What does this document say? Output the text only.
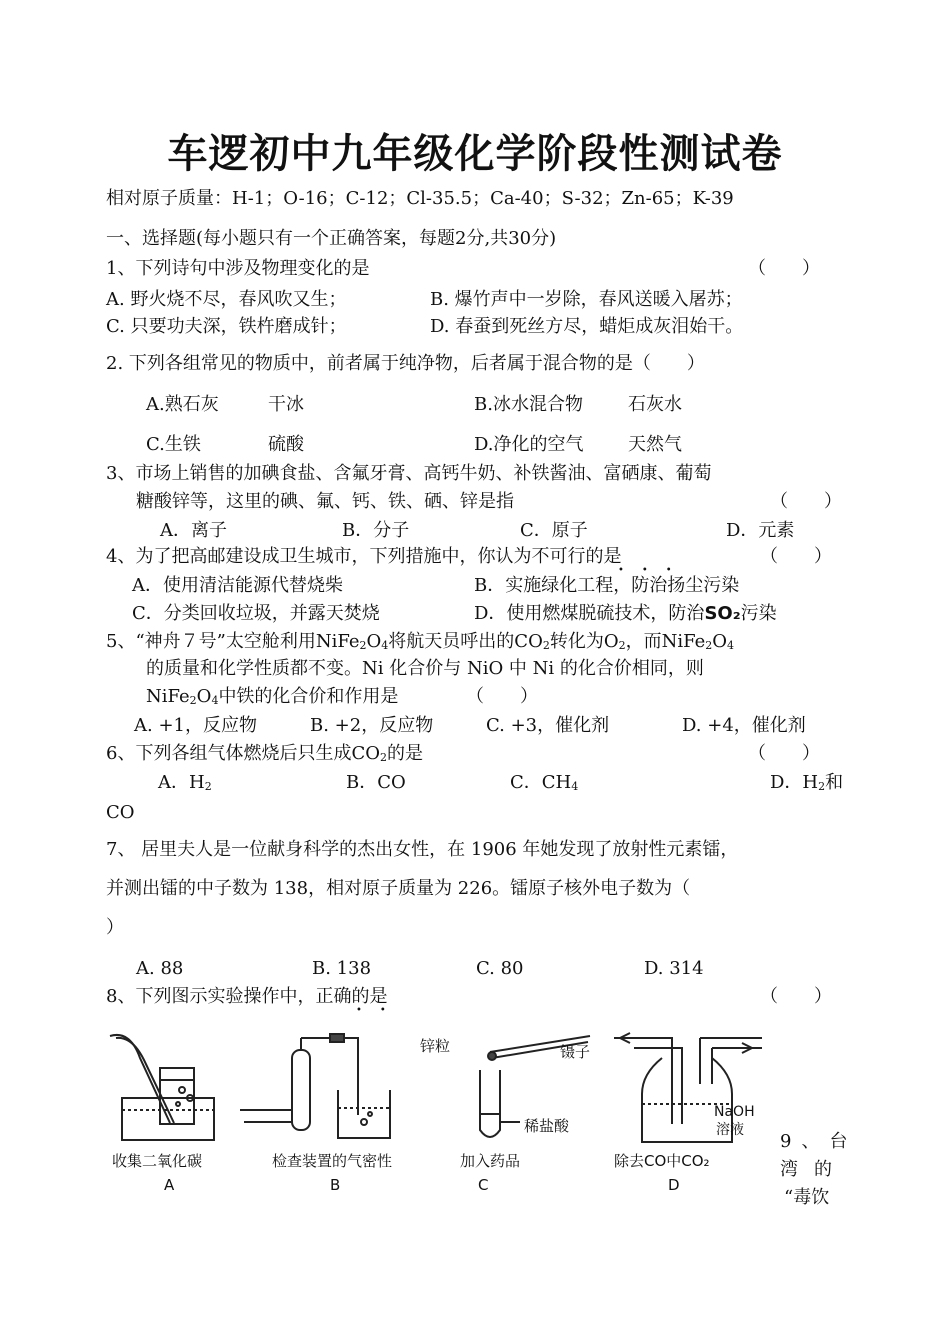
车逻初中九年级化学阶段性测试卷
相对原子质量：H-1；O-16；C-12；Cl-35.5；Ca-40；S-32；Zn-65；K-39
一、选择题(每小题只有一个正确答案，每题2分,共30分)
1、下列诗句中涉及物理变化的是	（　　）
A. 野火烧不尽，春风吹又生；	B. 爆竹声中一岁除，春风送暖入屠苏；
C. 只要功夫深，铁杵磨成针；	D. 春蚕到死丝方尽，蜡炬成灰泪始干。
2. 下列各组常见的物质中，前者属于纯净物，后者属于混合物的是（　　）
A.熟石灰	干冰	B.冰水混合物	石灰水
C.生铁	硫酸	D.净化的空气 天然气
3、市场上销售的加碘食盐、含氟牙膏、高钙牛奶、补铁酱油、富硒康、葡萄
糖酸锌等，这里的碘、氟、钙、铁、硒、锌是指	（　　）
A．离子	B．分子	C．原子	D．元素
4、为了把高邮建设成卫生城市，下列措施中，你认为不可行的是
•••
（　　）
A．使用清洁能源代替烧柴	B．实施绿化工程，防治扬尘污染
C．分类回收垃圾，并露天焚烧	D．使用燃煤脱硫技术，防治SO₂污染
5、“神舟７号”太空舱利用$NiFe_2O_4$将航天员呼出的$CO_2$转化为$O_2$，而$NiFe_2O_4$
的质量和化学性质都不变。Ni 化合价与 NiO 中 Ni 的化合价相同，则
$NiFe_2O_4$中铁的化合价和作用是	（　　）
A. +1，反应物	B. +2，反应物	C. +3，催化剂	D. +4，催化剂
6、下列各组气体燃烧后只生成$CO_2$的是	（　　）
A．$H_2$	B．CO	C．$CH_4$	D．$H_2$和
CO
7、 居里夫人是一位献身科学的杰出女性，在 1906 年她发现了放射性元素镭，
并测出镭的中子数为 138，相对原子质量为 226。镭原子核外电子数为（
）
A. 88	B. 138	C. 80	D. 314
8、下列图示实验操作中，正确的是
••
（　　）
收集二氧化碳
A
检查装置的气密性
B
锌粒	镊子
稀盐酸
加入药品
C
NaOH
溶液
除去CO中CO₂
D
9、台
湾的
“毒饮
